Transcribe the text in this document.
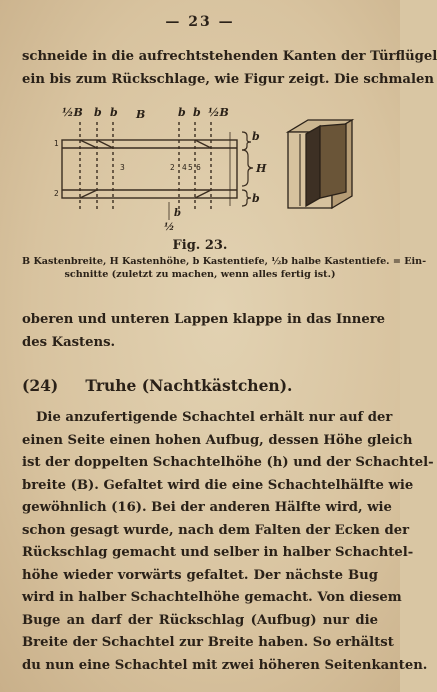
— 23 —
schneide in die aufrechtstehenden Kanten der Türflügel
ein bis zum Rückschlage, wie Figur zeigt. Die schmalen
½B b b B	b b ½B
b
H
b
1
2
3	2 4 5 6
b
½
Fig. 23.
B Kastenbreite, H Kastenhöhe, b Kastentiefe, ½b halbe Kastentiefe. = Ein-
schnitte (zuletzt zu machen, wenn alles fertig ist.)
oberen und unteren Lappen klappe in das Innere
des Kastens.
(24) Truhe (Nachtkästchen).
Die anzufertigende Schachtel erhält nur auf der
einen Seite einen hohen Aufbug, dessen Höhe gleich
ist der doppelten Schachtelhöhe (h) und der Schachtel-
breite (B). Gefaltet wird die eine Schachtelhälfte wie
gewöhnlich (16). Bei der anderen Hälfte wird, wie
schon gesagt wurde, nach dem Falten der Ecken der
Rückschlag gemacht und selber in halber Schachtel-
höhe wieder vorwärts gefaltet. Der nächste Bug
wird in halber Schachtelhöhe gemacht. Von diesem
Buge an darf der Rückschlag (Aufbug) nur die
Breite der Schachtel zur Breite haben. So erhältst
du nun eine Schachtel mit zwei höheren Seitenkanten.
